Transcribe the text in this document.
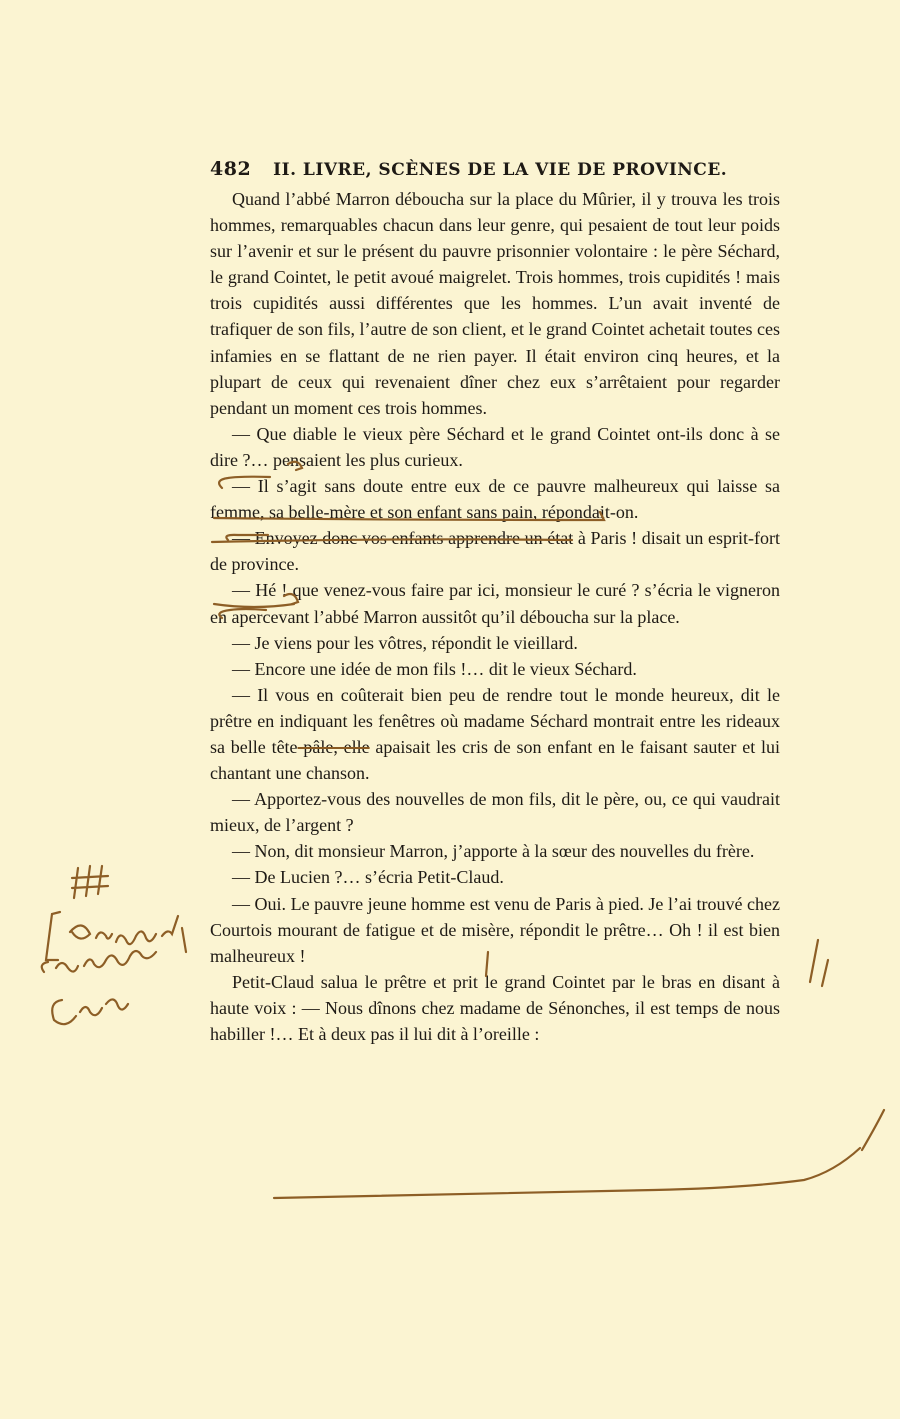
482 II. LIVRE, SCÈNES DE LA VIE DE PROVINCE.

Quand l’abbé Marron déboucha sur la place du Mûrier, il y trouva les trois hommes, remarquables chacun dans leur genre, qui pesaient de tout leur poids sur l’avenir et sur le présent du pauvre prisonnier volontaire : le père Séchard, le grand Cointet, le petit avoué maigrelet. Trois hommes, trois cupidités ! mais trois cupidités aussi différentes que les hommes. L’un avait inventé de trafiquer de son fils, l’autre de son client, et le grand Cointet achetait toutes ces infamies en se flattant de ne rien payer. Il était environ cinq heures, et la plupart de ceux qui revenaient dîner chez eux s’arrêtaient pour regarder pendant un moment ces trois hommes.

— Que diable le vieux père Séchard et le grand Cointet ont-ils donc à se dire ?… pensaient les plus curieux.

— Il s’agit sans doute entre eux de ce pauvre malheureux qui laisse sa femme, sa belle-mère et son enfant sans pain, répondait-on.

— Envoyez donc vos enfants apprendre un état à Paris ! disait un esprit-fort de province.

— Hé ! que venez-vous faire par ici, monsieur le curé ? s’écria le vigneron en apercevant l’abbé Marron aussitôt qu’il déboucha sur la place.

— Je viens pour les vôtres, répondit le vieillard.

— Encore une idée de mon fils !… dit le vieux Séchard.

— Il vous en coûterait bien peu de rendre tout le monde heureux, dit le prêtre en indiquant les fenêtres où madame Séchard montrait entre les rideaux sa belle tête pâle, elle apaisait les cris de son enfant en le faisant sauter et lui chantant une chanson.

— Apportez-vous des nouvelles de mon fils, dit le père, ou, ce qui vaudrait mieux, de l’argent ?

— Non, dit monsieur Marron, j’apporte à la sœur des nouvelles du frère.

— De Lucien ?… s’écria Petit-Claud.

— Oui. Le pauvre jeune homme est venu de Paris à pied. Je l’ai trouvé chez Courtois mourant de fatigue et de misère, répondit le prêtre… Oh ! il est bien malheureux !

Petit-Claud salua le prêtre et prit le grand Cointet par le bras en disant à haute voix : — Nous dînons chez madame de Sénonches, il est temps de nous habiller !… Et à deux pas il lui dit à l’oreille :
